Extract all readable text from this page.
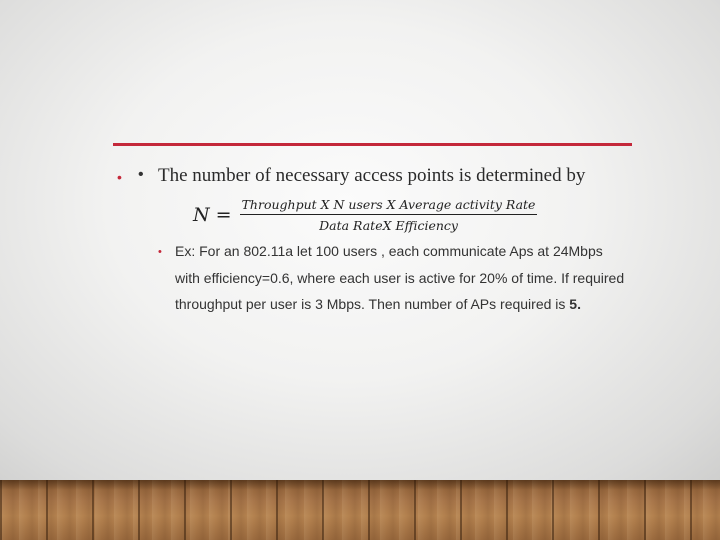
• • The number of necessary access points is determined by
$N = \frac{\text{Throughput X N users X Average activity Rate}}{\text{Data RateX Efficiency}}$
• Ex: For an 802.11a let 100 users , each communicate Aps at 24Mbps with efficiency=0.6, where each user is active for 20% of time. If required throughput per user is 3 Mbps. Then number of APs required is 5.
